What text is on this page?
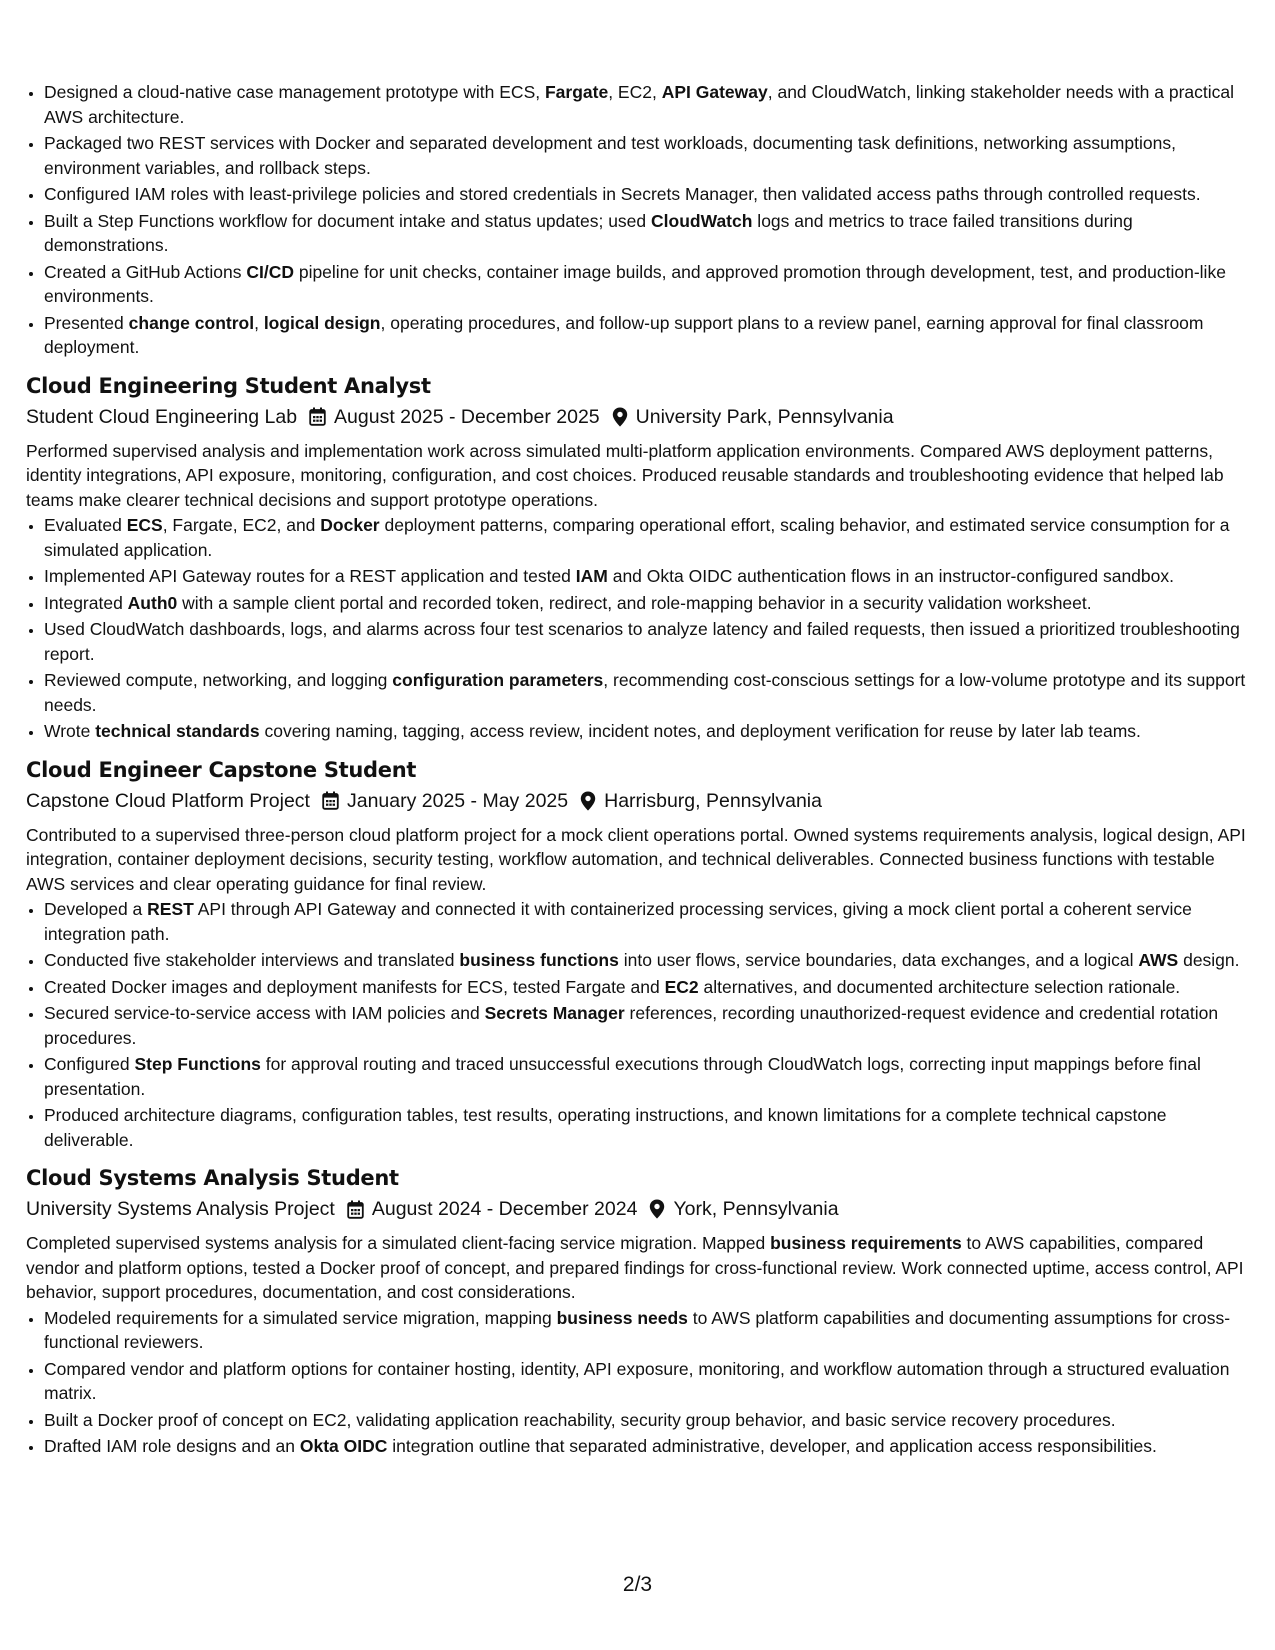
• Designed a cloud-native case management prototype with ECS, Fargate, EC2, API Gateway, and CloudWatch, linking stakeholder needs with a practical AWS architecture.
• Packaged two REST services with Docker and separated development and test workloads, documenting task definitions, networking assumptions, environment variables, and rollback steps.
• Configured IAM roles with least-privilege policies and stored credentials in Secrets Manager, then validated access paths through controlled requests.
• Built a Step Functions workflow for document intake and status updates; used CloudWatch logs and metrics to trace failed transitions during demonstrations.
• Created a GitHub Actions CI/CD pipeline for unit checks, container image builds, and approved promotion through development, test, and production-like environments.
• Presented change control, logical design, operating procedures, and follow-up support plans to a review panel, earning approval for final classroom deployment.
Cloud Engineering Student Analyst
Student Cloud Engineering Lab August 2025 - December 2025 University Park, Pennsylvania

Performed supervised analysis and implementation work across simulated multi-platform application environments. Compared AWS deployment patterns, identity integrations, API exposure, monitoring, configuration, and cost choices. Produced reusable standards and troubleshooting evidence that helped lab teams make clearer technical decisions and support prototype operations.

• Evaluated ECS, Fargate, EC2, and Docker deployment patterns, comparing operational effort, scaling behavior, and estimated service consumption for a simulated application.
• Implemented API Gateway routes for a REST application and tested IAM and Okta OIDC authentication flows in an instructor-configured sandbox.
• Integrated Auth0 with a sample client portal and recorded token, redirect, and role-mapping behavior in a security validation worksheet.
• Used CloudWatch dashboards, logs, and alarms across four test scenarios to analyze latency and failed requests, then issued a prioritized troubleshooting report.
• Reviewed compute, networking, and logging configuration parameters, recommending cost-conscious settings for a low-volume prototype and its support needs.
• Wrote technical standards covering naming, tagging, access review, incident notes, and deployment verification for reuse by later lab teams.
Cloud Engineer Capstone Student
Capstone Cloud Platform Project January 2025 - May 2025 Harrisburg, Pennsylvania

Contributed to a supervised three-person cloud platform project for a mock client operations portal. Owned systems requirements analysis, logical design, API integration, container deployment decisions, security testing, workflow automation, and technical deliverables. Connected business functions with testable AWS services and clear operating guidance for final review.

• Developed a REST API through API Gateway and connected it with containerized processing services, giving a mock client portal a coherent service integration path.
• Conducted five stakeholder interviews and translated business functions into user flows, service boundaries, data exchanges, and a logical AWS design.
• Created Docker images and deployment manifests for ECS, tested Fargate and EC2 alternatives, and documented architecture selection rationale.
• Secured service-to-service access with IAM policies and Secrets Manager references, recording unauthorized-request evidence and credential rotation procedures.
• Configured Step Functions for approval routing and traced unsuccessful executions through CloudWatch logs, correcting input mappings before final presentation.
• Produced architecture diagrams, configuration tables, test results, operating instructions, and known limitations for a complete technical capstone deliverable.
Cloud Systems Analysis Student
University Systems Analysis Project August 2024 - December 2024 York, Pennsylvania

Completed supervised systems analysis for a simulated client-facing service migration. Mapped business requirements to AWS capabilities, compared vendor and platform options, tested a Docker proof of concept, and prepared findings for cross-functional review. Work connected uptime, access control, API behavior, support procedures, documentation, and cost considerations.

• Modeled requirements for a simulated service migration, mapping business needs to AWS platform capabilities and documenting assumptions for cross-functional reviewers.
• Compared vendor and platform options for container hosting, identity, API exposure, monitoring, and workflow automation through a structured evaluation matrix.
• Built a Docker proof of concept on EC2, validating application reachability, security group behavior, and basic service recovery procedures.
• Drafted IAM role designs and an Okta OIDC integration outline that separated administrative, developer, and application access responsibilities.
2/3
